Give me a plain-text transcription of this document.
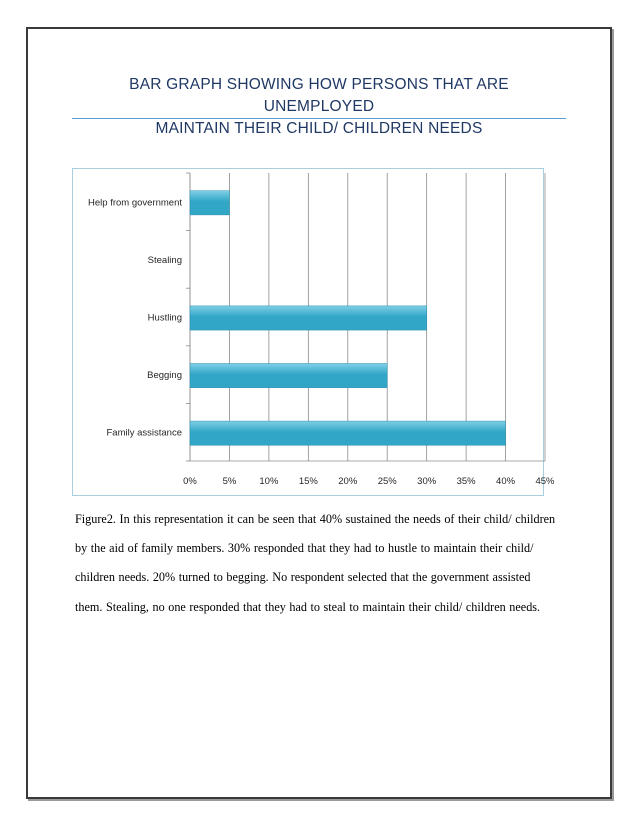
BAR GRAPH SHOWING HOW PERSONS THAT ARE UNEMPLOYED
MAINTAIN THEIR CHILD/ CHILDREN NEEDS
0%	5% 10% 15% 20% 25% 30% 35% 40% 45%
Help from government
Stealing
Hustling
Begging
Family assistance

Figure2. In this representation it can be seen that 40% sustained the needs of their child/ children

by the aid of family members. 30% responded that they had to hustle to maintain their child/

children needs. 20% turned to begging. No respondent selected that the government assisted

them. Stealing, no one responded that they had to steal to maintain their child/ children needs.
